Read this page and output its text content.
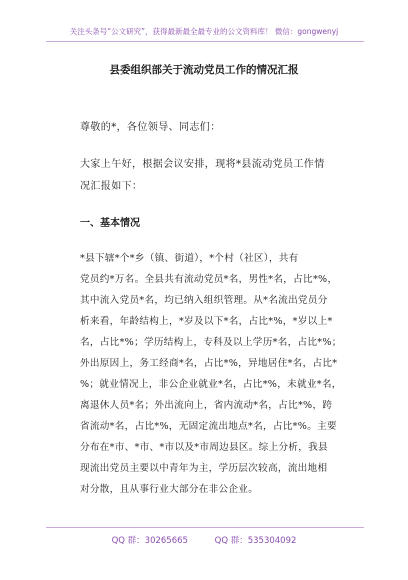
关注头条号“公文研究”，获得最新最全最专业的公文资料库！ 微信：gongwenyj
县委组织部关于流动党员工作的情况汇报
尊敬的*，各位领导、同志们：
大家上午好，根据会议安排，现将*县流动党员工作情
况汇报如下：
一、基本情况
*县下辖*个*乡（镇、街道），*个村（社区），共有
党员约*万名。全县共有流动党员*名，男性*名，占比*%，
其中流入党员*名，均已纳入组织管理。从*名流出党员分
析来看，年龄结构上，*岁及以下*名，占比*%，*岁以上*
名，占比*%；学历结构上，专科及以上学历*名，占比*%；
外出原因上，务工经商*名，占比*%，异地居住*名，占比*
%；就业情况上，非公企业就业*名，占比*%，未就业*名，
离退休人员*名；外出流向上，省内流动*名，占比*%，跨
省流动*名，占比*%，无固定流出地点*名，占比*%。主要
分布在*市、*市、*市以及*市周边县区。综上分析，我县
现流出党员主要以中青年为主，学历层次较高，流出地相
对分散，且从事行业大部分在非公企业。
QQ 群：30265665	QQ 群：535304092
